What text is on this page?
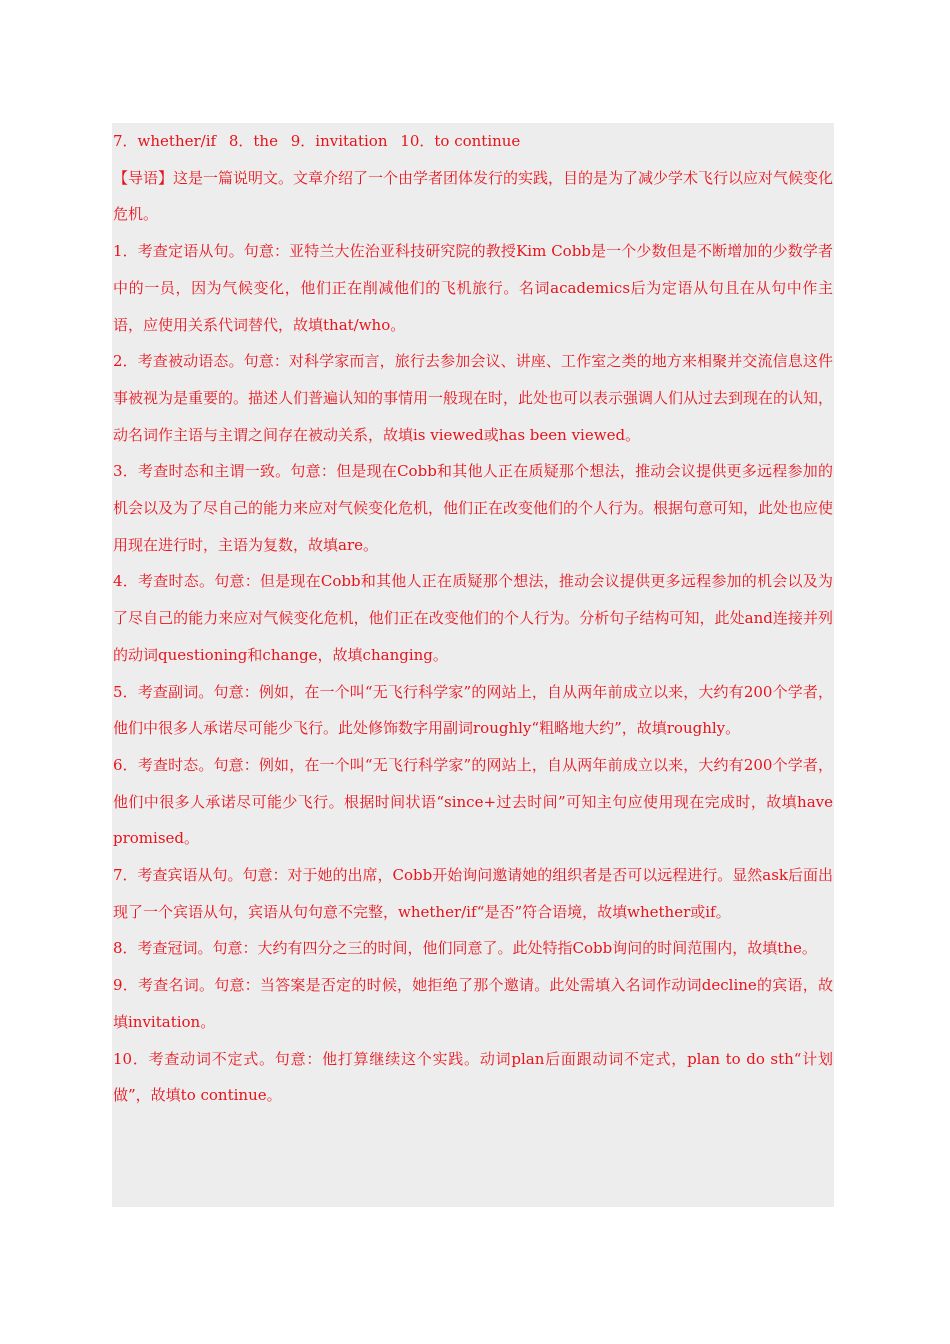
7．whether/if 8．the 9．invitation 10．to continue

【导语】这是一篇说明文。文章介绍了一个由学者团体发行的实践，目的是为了减少学术飞行以应对气候变化危机。

1．考查定语从句。句意：亚特兰大佐治亚科技研究院的教授Kim Cobb是一个少数但是不断增加的少数学者中的一员，因为气候变化，他们正在削减他们的飞机旅行。名词academics后为定语从句且在从句中作主语，应使用关系代词替代，故填that/who。

2．考查被动语态。句意：对科学家而言，旅行去参加会议、讲座、工作室之类的地方来相聚并交流信息这件事被视为是重要的。描述人们普遍认知的事情用一般现在时，此处也可以表示强调人们从过去到现在的认知，动名词作主语与主谓之间存在被动关系，故填is viewed或has been viewed。

3．考查时态和主谓一致。句意：但是现在Cobb和其他人正在质疑那个想法，推动会议提供更多远程参加的机会以及为了尽自己的能力来应对气候变化危机，他们正在改变他们的个人行为。根据句意可知，此处也应使用现在进行时，主语为复数，故填are。

4．考查时态。句意：但是现在Cobb和其他人正在质疑那个想法，推动会议提供更多远程参加的机会以及为了尽自己的能力来应对气候变化危机，他们正在改变他们的个人行为。分析句子结构可知，此处and连接并列的动词questioning和change，故填changing。

5．考查副词。句意：例如，在一个叫“无飞行科学家”的网站上，自从两年前成立以来，大约有200个学者，他们中很多人承诺尽可能少飞行。此处修饰数字用副词roughly“粗略地大约”，故填roughly。

6．考查时态。句意：例如，在一个叫“无飞行科学家”的网站上，自从两年前成立以来，大约有200个学者，他们中很多人承诺尽可能少飞行。根据时间状语“since+过去时间”可知主句应使用现在完成时，故填have promised。

7．考查宾语从句。句意：对于她的出席，Cobb开始询问邀请她的组织者是否可以远程进行。显然ask后面出现了一个宾语从句，宾语从句句意不完整，whether/if“是否”符合语境，故填whether或if。

8．考查冠词。句意：大约有四分之三的时间，他们同意了。此处特指Cobb询问的时间范围内，故填the。

9．考查名词。句意：当答案是否定的时候，她拒绝了那个邀请。此处需填入名词作动词decline的宾语，故填invitation。

10．考查动词不定式。句意：他打算继续这个实践。动词plan后面跟动词不定式，plan to do sth“计划做”，故填to continue。
